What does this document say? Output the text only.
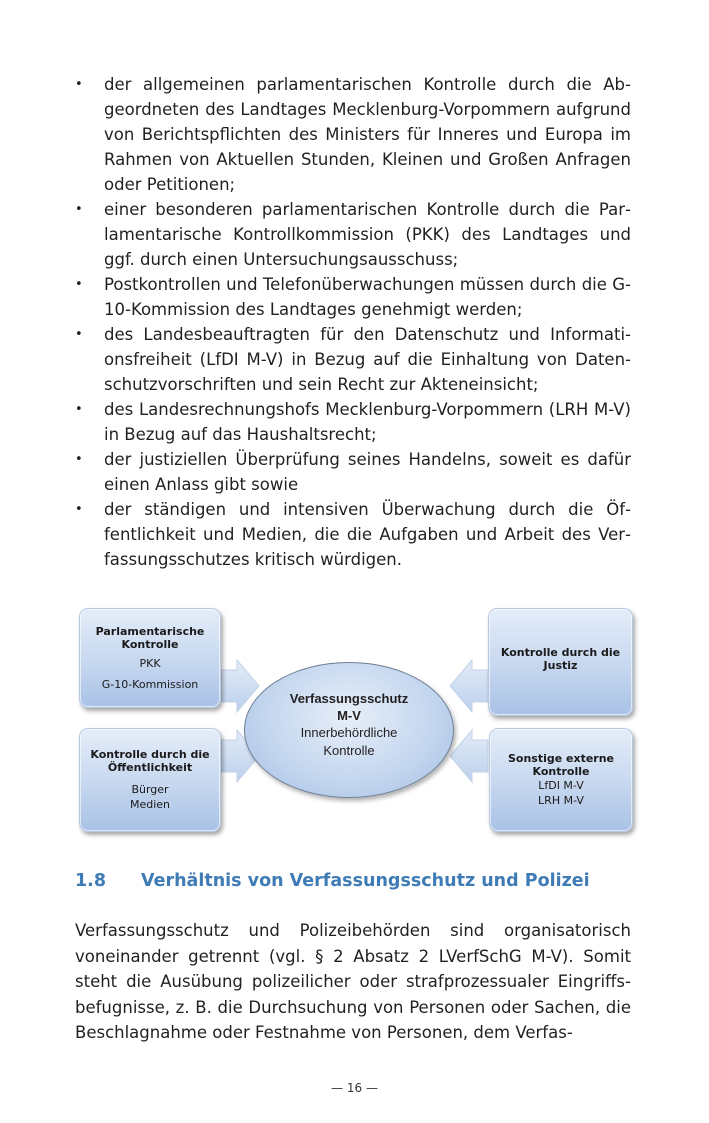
• der allgemeinen parlamentarischen Kontrolle durch die Abgeordneten des Landtages Mecklenburg-Vorpommern aufgrund von Berichtspflichten des Ministers für Inneres und Europa im Rahmen von Aktuellen Stunden, Kleinen und Großen Anfragen oder Petitionen;
• einer besonderen parlamentarischen Kontrolle durch die Parlamentarische Kontrollkommission (PKK) des Landtages und ggf. durch einen Untersuchungsausschuss;
• Postkontrollen und Telefonüberwachungen müssen durch die G-10-Kommission des Landtages genehmigt werden;
• des Landesbeauftragten für den Datenschutz und Informationsfreiheit (LfDI M-V) in Bezug auf die Einhaltung von Datenschutzvorschriften und sein Recht zur Akteneinsicht;
• des Landesrechnungshofs Mecklenburg-Vorpommern (LRH M-V) in Bezug auf das Haushaltsrecht;
• der justiziellen Überprüfung seines Handelns, soweit es dafür einen Anlass gibt sowie
• der ständigen und intensiven Überwachung durch die Öffentlichkeit und Medien, die die Aufgaben und Arbeit des Verfassungsschutzes kritisch würdigen.
Parlamentarische
Kontrolle
PKK
G-10-Kommission
Kontrolle durch die
Öffentlichkeit
Bürger
Medien
Kontrolle durch die
Justiz
Sonstige externe
Kontrolle
LfDI M-V
LRH M-V
Verfassungsschutz
M-V
Innerbehördliche
Kontrolle
1.8 Verhältnis von Verfassungsschutz und Polizei

Verfassungsschutz und Polizeibehörden sind organisatorisch voneinander getrennt (vgl. § 2 Absatz 2 LVerfSchG M-V). Somit steht die Ausübung polizeilicher oder strafprozessualer Eingriffsbefugnisse, z. B. die Durchsuchung von Personen oder Sachen, die Beschlagnahme oder Festnahme von Personen, dem Verfas-

— 16 —
